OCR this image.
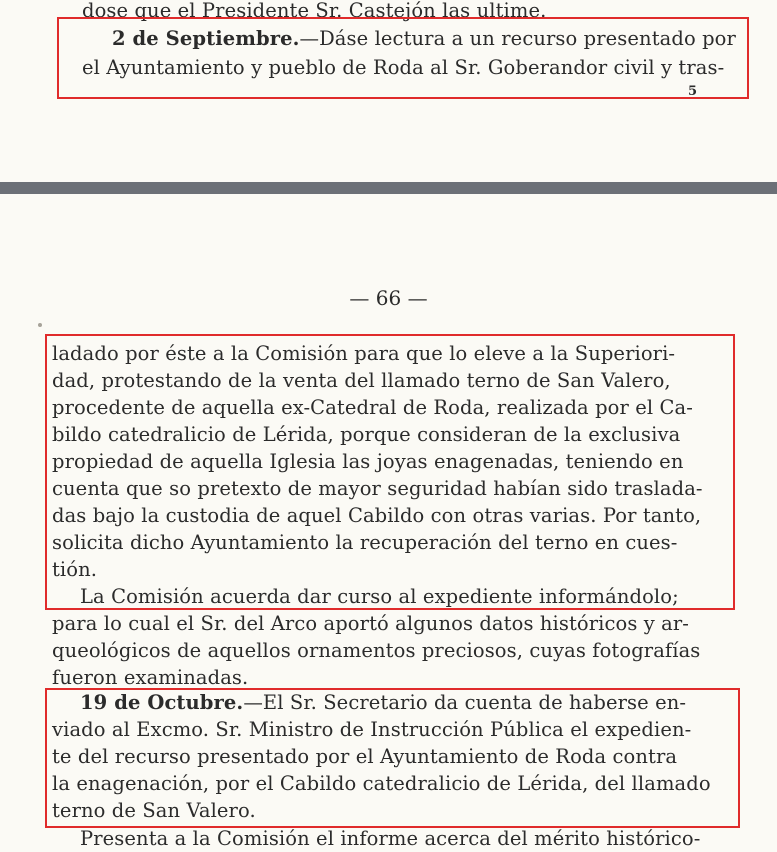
dose que el Presidente Sr. Castejón las ultime.
2 de Septiembre.—Dáse lectura a un recurso presentado por
el Ayuntamiento y pueblo de Roda al Sr. Goberandor civil y tras-
5
— 66 —
ladado por éste a la Comisión para que lo eleve a la Superiori-
dad, protestando de la venta del llamado terno de San Valero,
procedente de aquella ex-Catedral de Roda, realizada por el Ca-
bildo catedralicio de Lérida, porque consideran de la exclusiva
propiedad de aquella Iglesia las joyas enagenadas, teniendo en
cuenta que so pretexto de mayor seguridad habían sido traslada-
das bajo la custodia de aquel Cabildo con otras varias. Por tanto,
solicita dicho Ayuntamiento la recuperación del terno en cues-
tión.
La Comisión acuerda dar curso al expediente informándolo;
para lo cual el Sr. del Arco aportó algunos datos históricos y ar-
queológicos de aquellos ornamentos preciosos, cuyas fotografías
fueron examinadas.
19 de Octubre.—El Sr. Secretario da cuenta de haberse en-
viado al Excmo. Sr. Ministro de Instrucción Pública el expedien-
te del recurso presentado por el Ayuntamiento de Roda contra
la enagenación, por el Cabildo catedralicio de Lérida, del llamado
terno de San Valero.
Presenta a la Comisión el informe acerca del mérito histórico-
